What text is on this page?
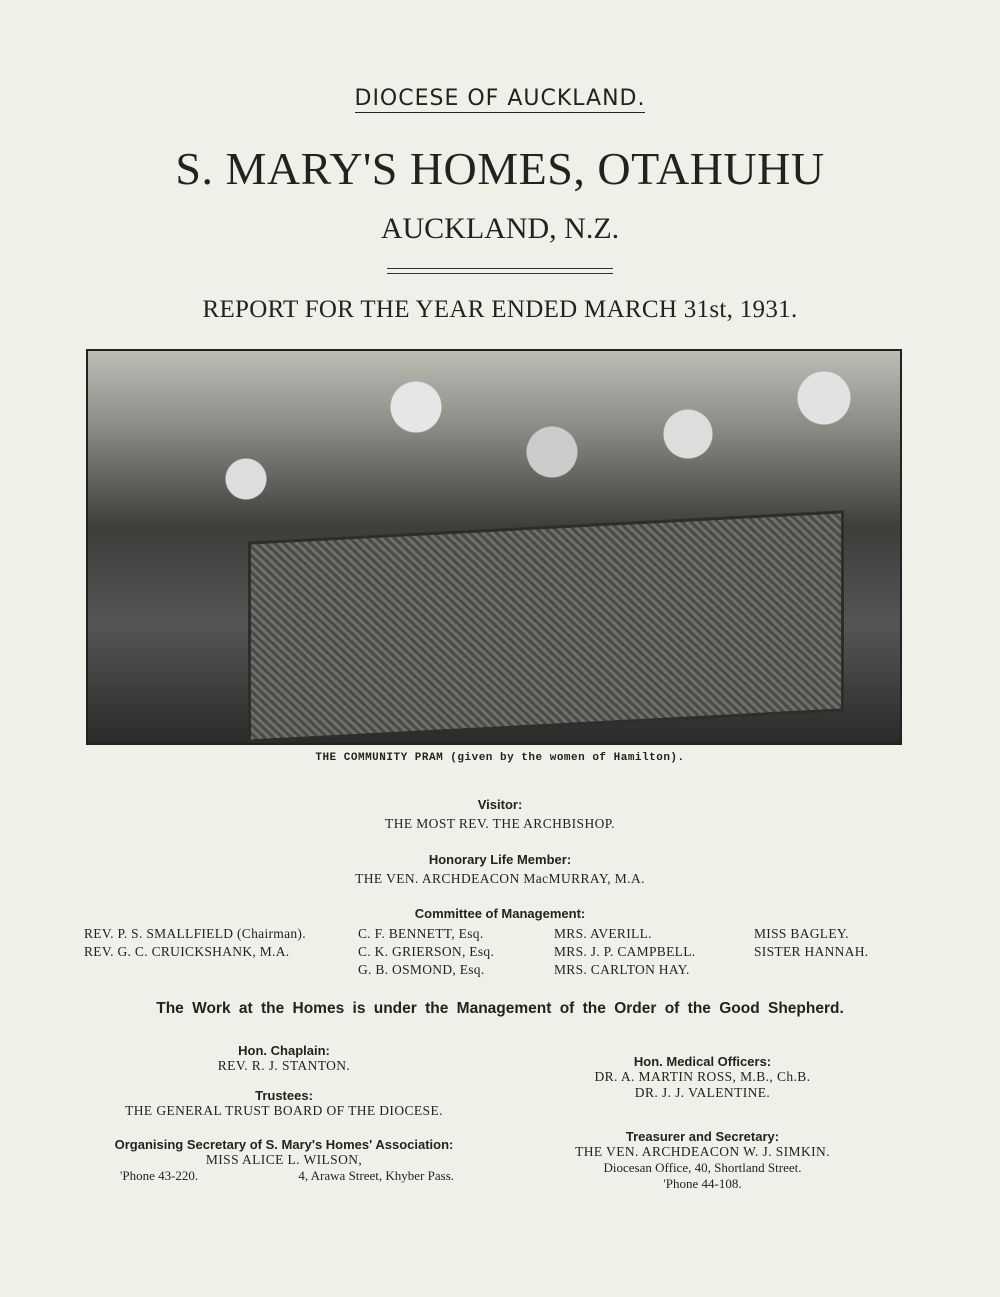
DIOCESE OF AUCKLAND.
S. MARY'S HOMES, OTAHUHU
AUCKLAND, N.Z.
REPORT FOR THE YEAR ENDED MARCH 31st, 1931.
THE COMMUNITY PRAM (given by the women of Hamilton).
Visitor:
THE MOST REV. THE ARCHBISHOP.
Honorary Life Member:
THE VEN. ARCHDEACON MacMURRAY, M.A.
Committee of Management:
REV. P. S. SMALLFIELD (Chairman).
REV. G. C. CRUICKSHANK, M.A.
C. F. BENNETT, Esq.
C. K. GRIERSON, Esq.
G. B. OSMOND, Esq.
MRS. AVERILL.
MRS. J. P. CAMPBELL.
MRS. CARLTON HAY.
MISS BAGLEY.
SISTER HANNAH.
The Work at the Homes is under the Management of the Order of the Good Shepherd.
Hon. Chaplain:
REV. R. J. STANTON.
Trustees:
THE GENERAL TRUST BOARD OF THE DIOCESE.
Organising Secretary of S. Mary's Homes' Association:
MISS ALICE L. WILSON,
'Phone 43-220.	4, Arawa Street, Khyber Pass.
Hon. Medical Officers:
DR. A. MARTIN ROSS, M.B., Ch.B.
DR. J. J. VALENTINE.
Treasurer and Secretary:
THE VEN. ARCHDEACON W. J. SIMKIN.
Diocesan Office, 40, Shortland Street.
'Phone 44-108.
